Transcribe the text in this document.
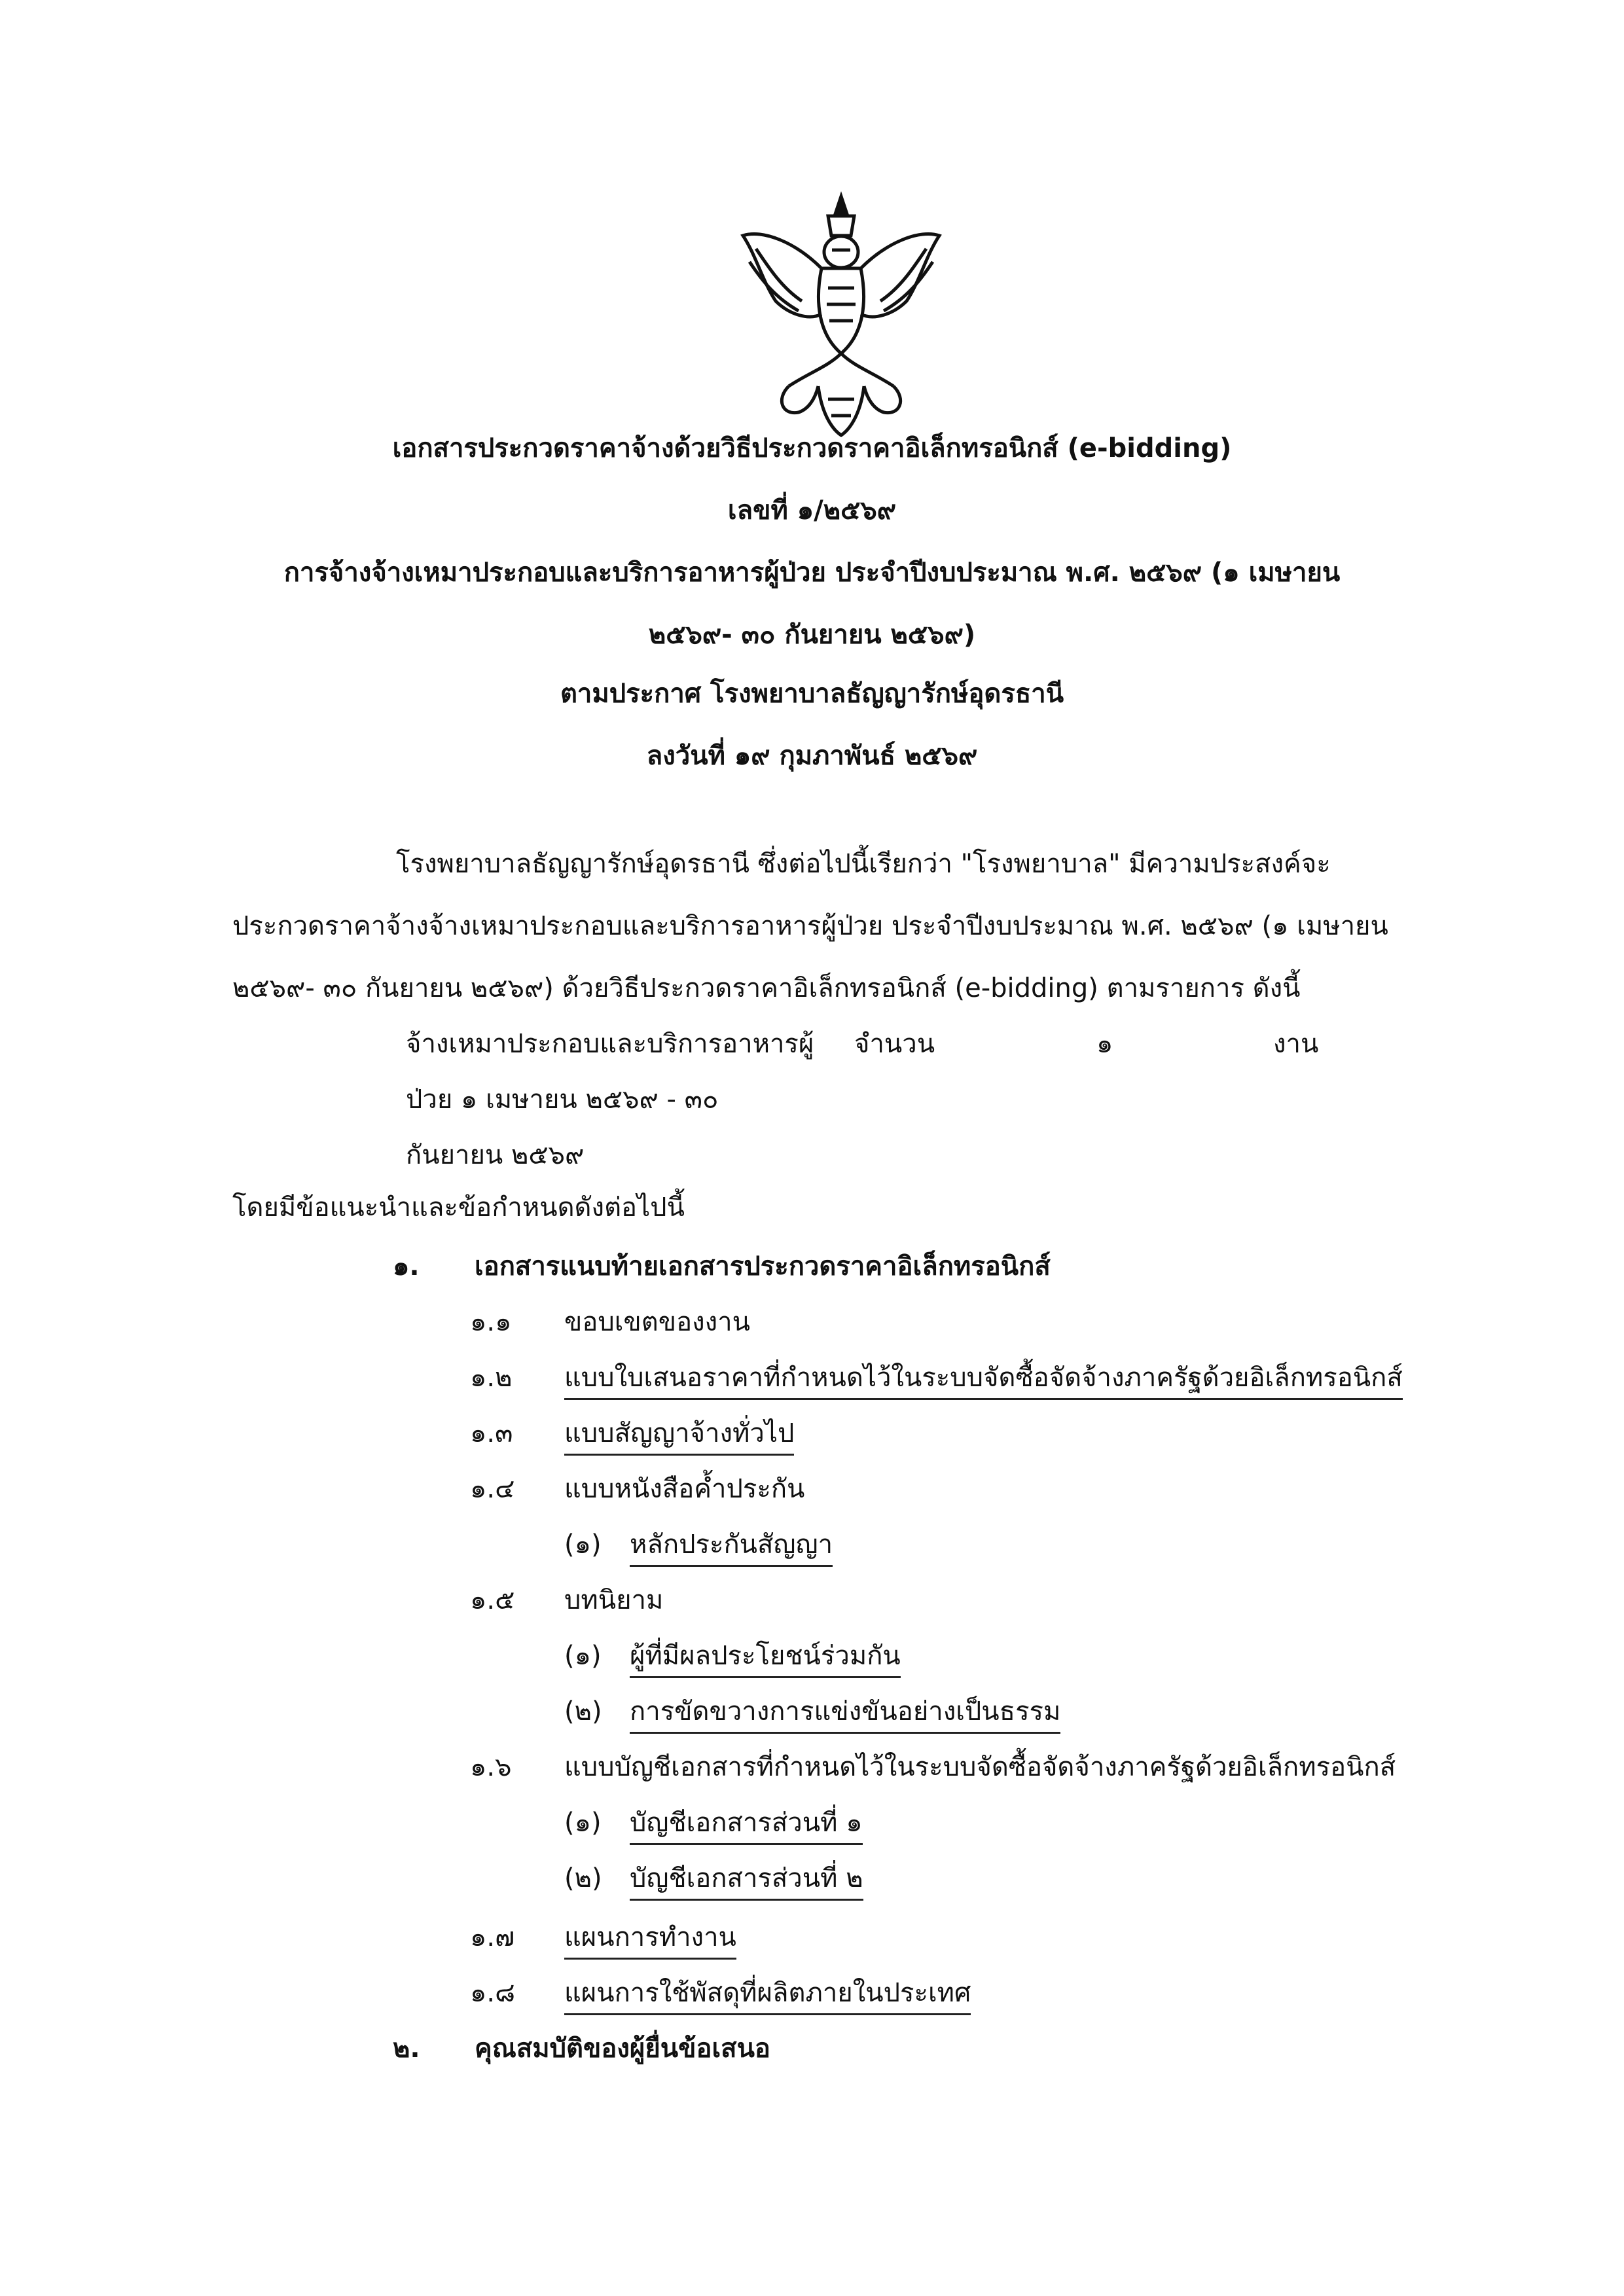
เอกสารประกวดราคาจ้างด้วยวิธีประกวดราคาอิเล็กทรอนิกส์ (e-bidding)
เลขที่ ๑/๒๕๖๙
การจ้างจ้างเหมาประกอบและบริการอาหารผู้ป่วย ประจำปีงบประมาณ พ.ศ. ๒๕๖๙ (๑ เมษายน
๒๕๖๙- ๓๐ กันยายน ๒๕๖๙)
ตามประกาศ โรงพยาบาลธัญญารักษ์อุดรธานี
ลงวันที่ ๑๙ กุมภาพันธ์ ๒๕๖๙
โรงพยาบาลธัญญารักษ์อุดรธานี ซึ่งต่อไปนี้เรียกว่า "โรงพยาบาล" มีความประสงค์จะ
ประกวดราคาจ้างจ้างเหมาประกอบและบริการอาหารผู้ป่วย ประจำปีงบประมาณ พ.ศ. ๒๕๖๙ (๑ เมษายน
๒๕๖๙- ๓๐ กันยายน ๒๕๖๙) ด้วยวิธีประกวดราคาอิเล็กทรอนิกส์ (e-bidding) ตามรายการ ดังนี้
จ้างเหมาประกอบและบริการอาหารผู้ จำนวน	๑	งาน
ป่วย ๑ เมษายน ๒๕๖๙ - ๓๐
กันยายน ๒๕๖๙
โดยมีข้อแนะนำและข้อกำหนดดังต่อไปนี้
๑. เอกสารแนบท้ายเอกสารประกวดราคาอิเล็กทรอนิกส์
๑.๑ ขอบเขตของงาน
๑.๒ แบบใบเสนอราคาที่กำหนดไว้ในระบบจัดซื้อจัดจ้างภาครัฐด้วยอิเล็กทรอนิกส์
๑.๓ แบบสัญญาจ้างทั่วไป
๑.๔ แบบหนังสือค้ำประกัน
(๑) หลักประกันสัญญา
๑.๕ บทนิยาม
(๑) ผู้ที่มีผลประโยชน์ร่วมกัน
(๒) การขัดขวางการแข่งขันอย่างเป็นธรรม
๑.๖ แบบบัญชีเอกสารที่กำหนดไว้ในระบบจัดซื้อจัดจ้างภาครัฐด้วยอิเล็กทรอนิกส์
(๑) บัญชีเอกสารส่วนที่ ๑
(๒) บัญชีเอกสารส่วนที่ ๒
๑.๗ แผนการทำงาน
๑.๘ แผนการใช้พัสดุที่ผลิตภายในประเทศ
๒. คุณสมบัติของผู้ยื่นข้อเสนอ
